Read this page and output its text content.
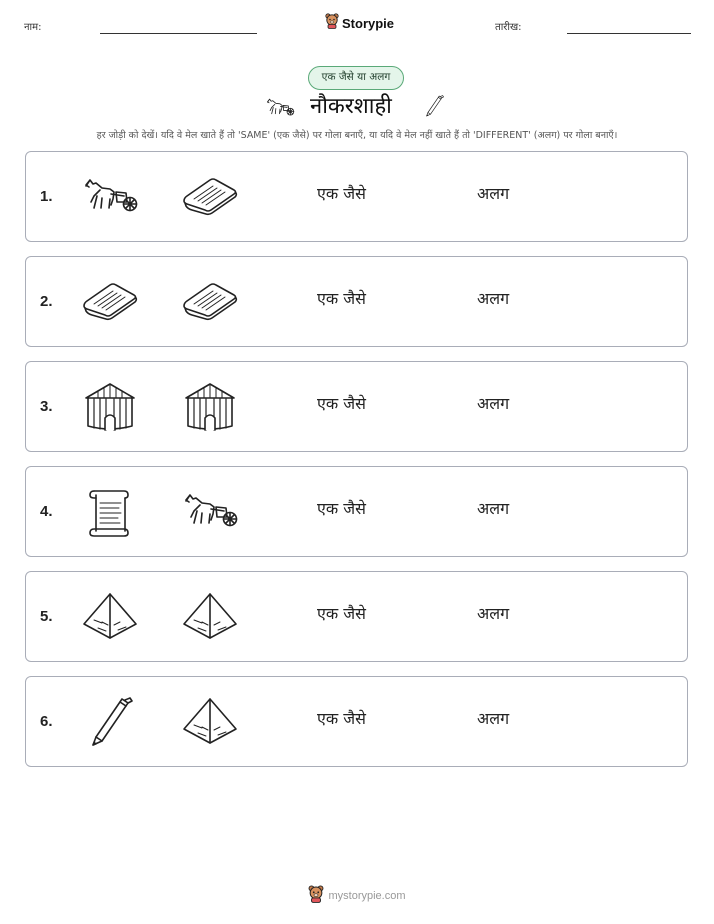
नाम:	Storypie	तारीख:
एक जैसे या अलग
नौकरशाही
हर जोड़ी को देखें। यदि वे मेल खाते हैं तो 'SAME' (एक जैसे) पर गोला बनाएँ, या यदि वे मेल नहीं खाते हैं तो 'DIFFERENT' (अलग) पर गोला बनाएँ।
1.	एक जैसे	अलग
2.	एक जैसे	अलग
3.	एक जैसे	अलग
4.	एक जैसे	अलग
5.	एक जैसे	अलग
6.	एक जैसे	अलग
mystorypie.com
